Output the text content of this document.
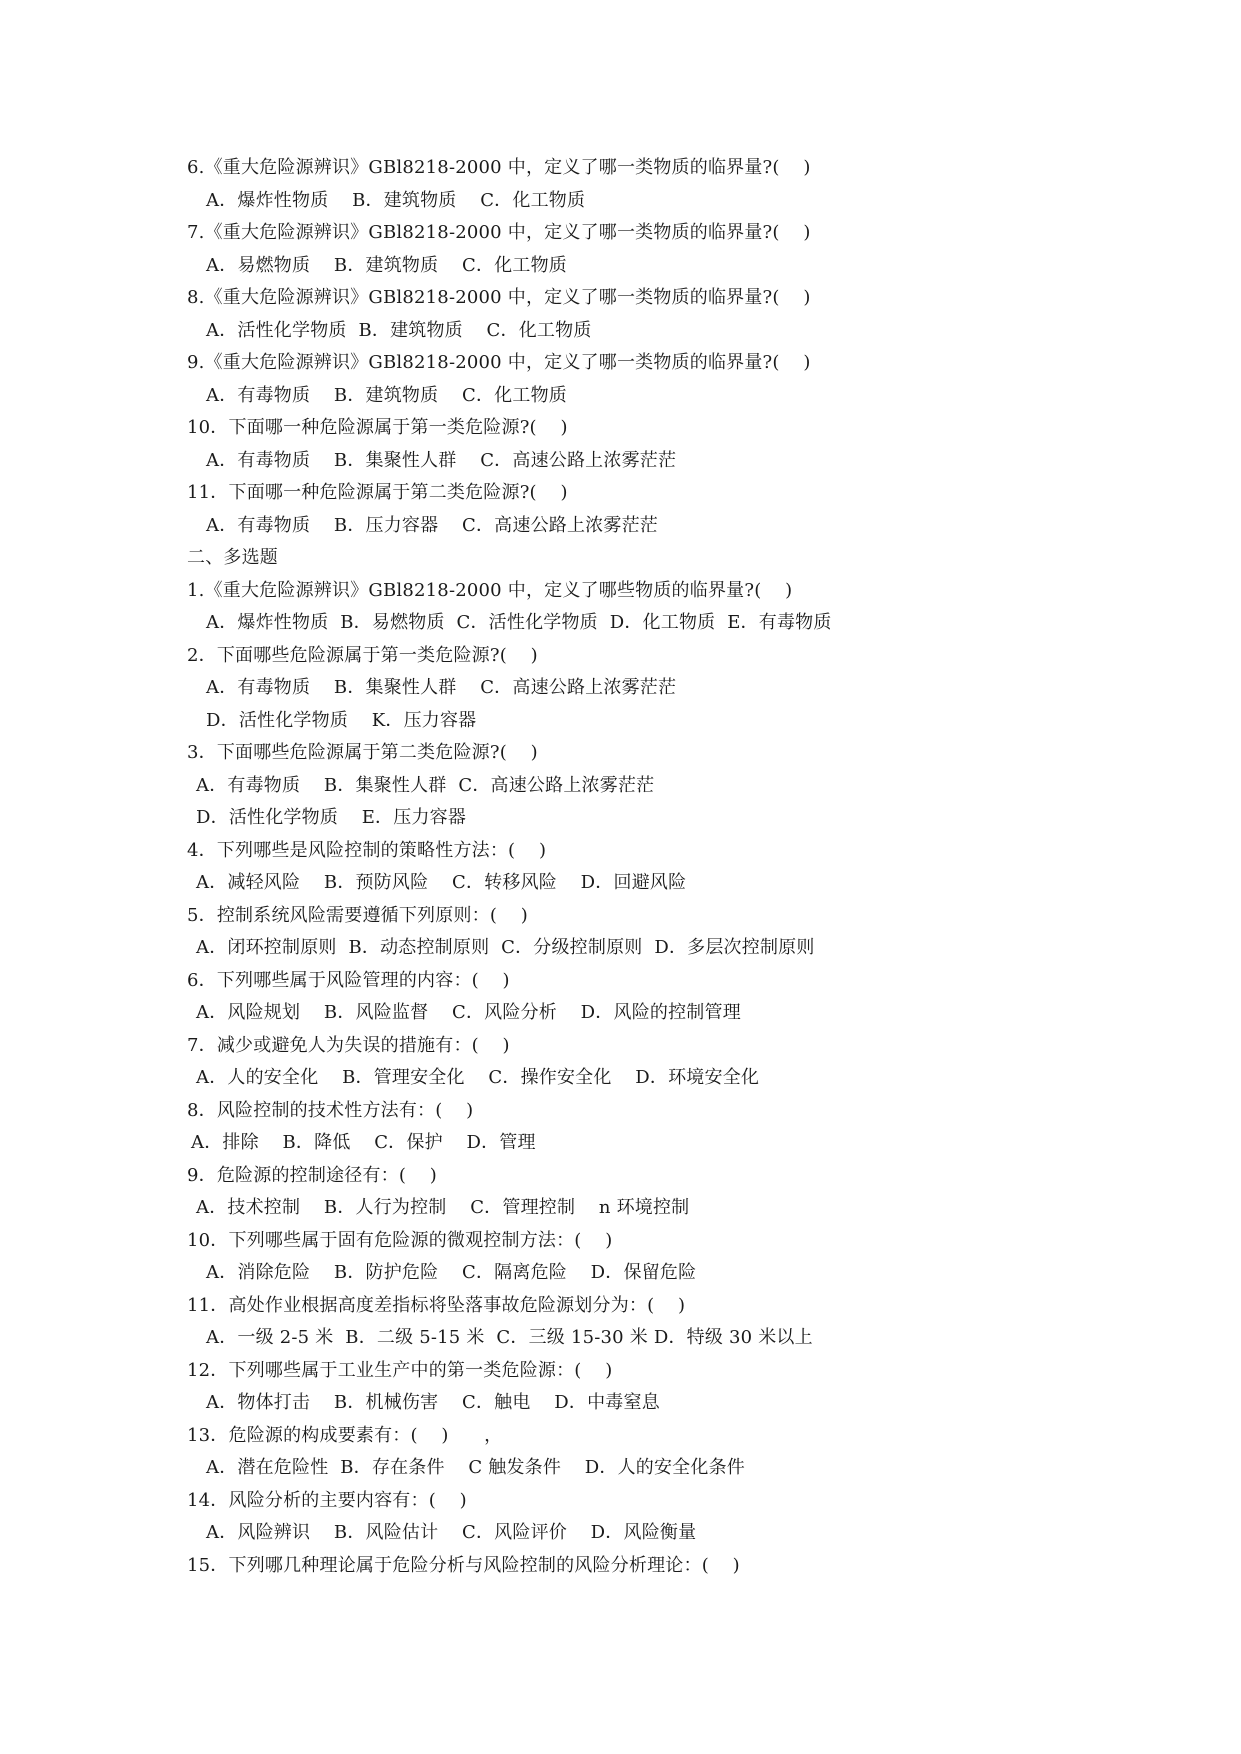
6.《重大危险源辨识》GBl8218-2000 中，定义了哪一类物质的临界量?(    )
A．爆炸性物质    B．建筑物质    C．化工物质
7.《重大危险源辨识》GBl8218-2000 中，定义了哪一类物质的临界量?(    )
A．易燃物质    B．建筑物质    C．化工物质
8.《重大危险源辨识》GBl8218-2000 中，定义了哪一类物质的临界量?(    )
A．活性化学物质  B．建筑物质    C．化工物质
9.《重大危险源辨识》GBl8218-2000 中，定义了哪一类物质的临界量?(    )
A．有毒物质    B．建筑物质    C．化工物质
10．下面哪一种危险源属于第一类危险源?(    )
A．有毒物质    B．集聚性人群    C．高速公路上浓雾茫茫
11．下面哪一种危险源属于第二类危险源?(    )
A．有毒物质    B．压力容器    C．高速公路上浓雾茫茫
二、多选题
1.《重大危险源辨识》GBl8218-2000 中，定义了哪些物质的临界量?(    )
A．爆炸性物质  B．易燃物质  C．活性化学物质  D．化工物质  E．有毒物质
2．下面哪些危险源属于第一类危险源?(    )
A．有毒物质    B．集聚性人群    C．高速公路上浓雾茫茫
D．活性化学物质    K．压力容器
3．下面哪些危险源属于第二类危险源?(    )
A．有毒物质    B．集聚性人群  C．高速公路上浓雾茫茫
D．活性化学物质    E．压力容器
4．下列哪些是风险控制的策略性方法：(    )
A．减轻风险    B．预防风险    C．转移风险    D．回避风险
5．控制系统风险需要遵循下列原则：(    )
A．闭环控制原则  B．动态控制原则  C．分级控制原则  D．多层次控制原则
6．下列哪些属于风险管理的内容：(    )
A．风险规划    B．风险监督    C．风险分析    D．风险的控制管理
7．减少或避免人为失误的措施有：(    )
A．人的安全化    B．管理安全化    C．操作安全化    D．环境安全化
8．风险控制的技术性方法有：(    )
A．排除    B．降低    C．保护    D．管理
9．危险源的控制途径有：(    )
A．技术控制    B．人行为控制    C．管理控制    n 环境控制
10．下列哪些属于固有危险源的微观控制方法：(    )
A．消除危险    B．防护危险    C．隔离危险    D．保留危险
11．高处作业根据高度差指标将坠落事故危险源划分为：(    )
A．一级 2-5 米  B．二级 5-15 米  C．三级 15-30 米 D．特级 30 米以上
12．下列哪些属于工业生产中的第一类危险源：(    )
A．物体打击    B．机械伤害    C．触电    D．中毒窒息
13．危险源的构成要素有：(    )      ，
A．潜在危险性  B．存在条件    C 触发条件    D．人的安全化条件
14．风险分析的主要内容有：(    )
A．风险辨识    B．风险估计    C．风险评价    D．风险衡量
15．下列哪几种理论属于危险分析与风险控制的风险分析理论：(    )
